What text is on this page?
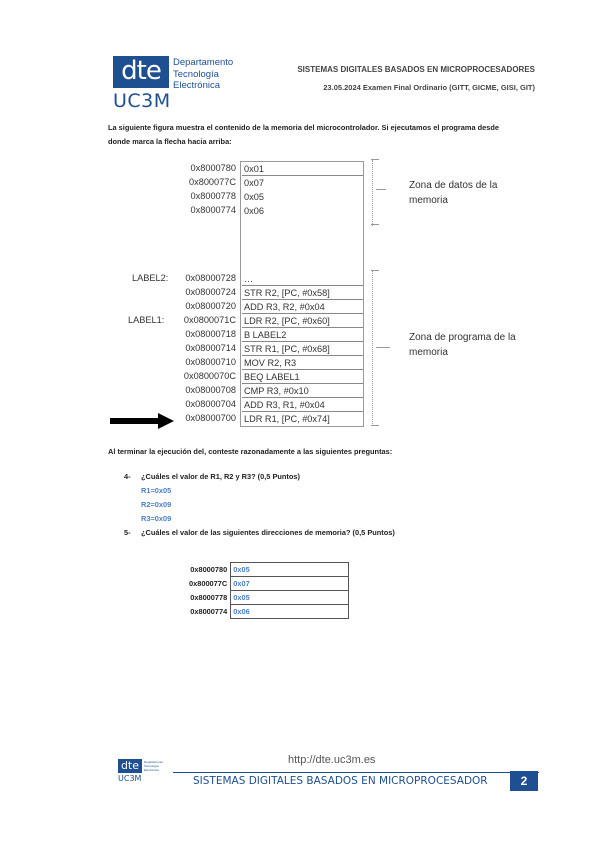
dte	Departamento
Tecnología
Electrónica
UC3M
SISTEMAS DIGITALES BASADOS EN MICROPROCESADORES
23.05.2024 Examen Final Ordinario (GITT, GICME, GISI, GIT)
La siguiente figura muestra el contenido de la memoria del microcontrolador. Si ejecutamos el programa desde donde marca la flecha hacia arriba:
0x8000780 0x01
0x800077C 0x07
0x8000778 0x05
0x8000774 0x06
LABEL2:	0x08000728 …
0x08000724 STR R2, [PC, #0x58]
0x08000720 ADD R3, R2, #0x04
LABEL1:	0x0800071C LDR R2, [PC, #0x60]
0x08000718 B LABEL2
0x08000714 STR R1, [PC, #0x68]
0x08000710 MOV R2, R3
0x0800070C BEQ LABEL1
0x08000708 CMP R3, #0x10
0x08000704 ADD R3, R1, #0x04
0x08000700 LDR R1, [PC, #0x74]
Zona de datos de la memoria
Zona de programa de la memoria
Al terminar la ejecución del, conteste razonadamente a las siguientes preguntas:
4- ¿Cuáles el valor de R1, R2 y R3? (0,5 Puntos)
R1=0x05
R2=0x09
R3=0x09
5- ¿Cuáles el valor de las siguientes direcciones de memoria? (0,5 Puntos)
0x8000780	0x05
0x800077C	0x07
0x8000778	0x05
0x8000774	0x06
http://dte.uc3m.es
dte	Departamento
Tecnología
Electrónica
UC3M	SISTEMAS DIGITALES BASADOS EN MICROPROCESADOR	2
